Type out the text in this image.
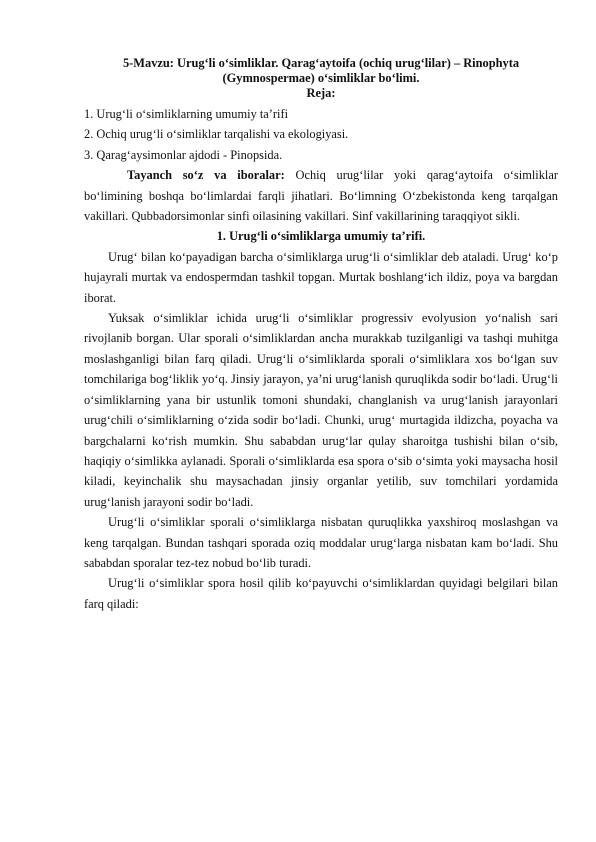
5-Mavzu: Urugʻli oʻsimliklar. Qaragʻaytoifa (ochiq urugʻlilar) – Rinophyta (Gymnospermae) oʻsimliklar boʻlimi.
Reja:
1. Urugʻli oʻsimliklarning umumiy taʼrifi
2. Ochiq urugʻli oʻsimliklar tarqalishi va ekologiyasi.
3. Qaragʻaysimonlar ajdodi - Pinopsida.

Tayanch soʻz va iboralar: Ochiq urugʻlilar yoki qaragʻaytoifa oʻsimliklar boʻlimining boshqa boʻlimlardai farqli jihatlari. Boʻlimning Oʻzbekistonda keng tarqalgan vakillari. Qubbadorsimonlar sinfi oilasining vakillari. Sinf vakillarining taraqqiyot sikli.

1. Urugʻli oʻsimliklarga umumiy taʼrifi.

Urugʻ bilan koʻpayadigan barcha oʻsimliklarga urugʻli oʻsimliklar deb ataladi. Urugʻ koʻp hujayrali murtak va endospermdan tashkil topgan. Murtak boshlangʻich ildiz, poya va bargdan iborat.

Yuksak oʻsimliklar ichida urugʻli oʻsimliklar progressiv evolyusion yoʻnalish sari rivojlanib borgan. Ular sporali oʻsimliklardan ancha murakkab tuzilganligi va tashqi muhitga moslashganligi bilan farq qiladi. Urugʻli oʻsimliklarda sporali oʻsimliklara xos boʻlgan suv tomchilariga bogʻliklik yoʻq. Jinsiy jarayon, yaʼni urugʻlanish quruqlikda sodir boʻladi. Urugʻli oʻsimliklarning yana bir ustunlik tomoni shundaki, changlanish va urugʻlanish jarayonlari urugʻchili oʻsimliklarning oʻzida sodir boʻladi. Chunki, urugʻ murtagida ildizcha, poyacha va bargchalarni koʻrish mumkin. Shu sababdan urugʻlar qulay sharoitga tushishi bilan oʻsib, haqiqiy oʻsimlikka aylanadi. Sporali oʻsimliklarda esa spora oʻsib oʻsimta yoki maysacha hosil kiladi, keyinchalik shu maysachadan jinsiy organlar yetilib, suv tomchilari yordamida urugʻlanish jarayoni sodir boʻladi.

Urugʻli oʻsimliklar sporali oʻsimliklarga nisbatan quruqlikka yaxshiroq moslashgan va keng tarqalgan. Bundan tashqari sporada oziq moddalar urugʻlarga nisbatan kam boʻladi. Shu sababdan sporalar tez-tez nobud boʻlib turadi.

Urugʻli oʻsimliklar spora hosil qilib koʻpayuvchi oʻsimliklardan quyidagi belgilari bilan farq qiladi:
